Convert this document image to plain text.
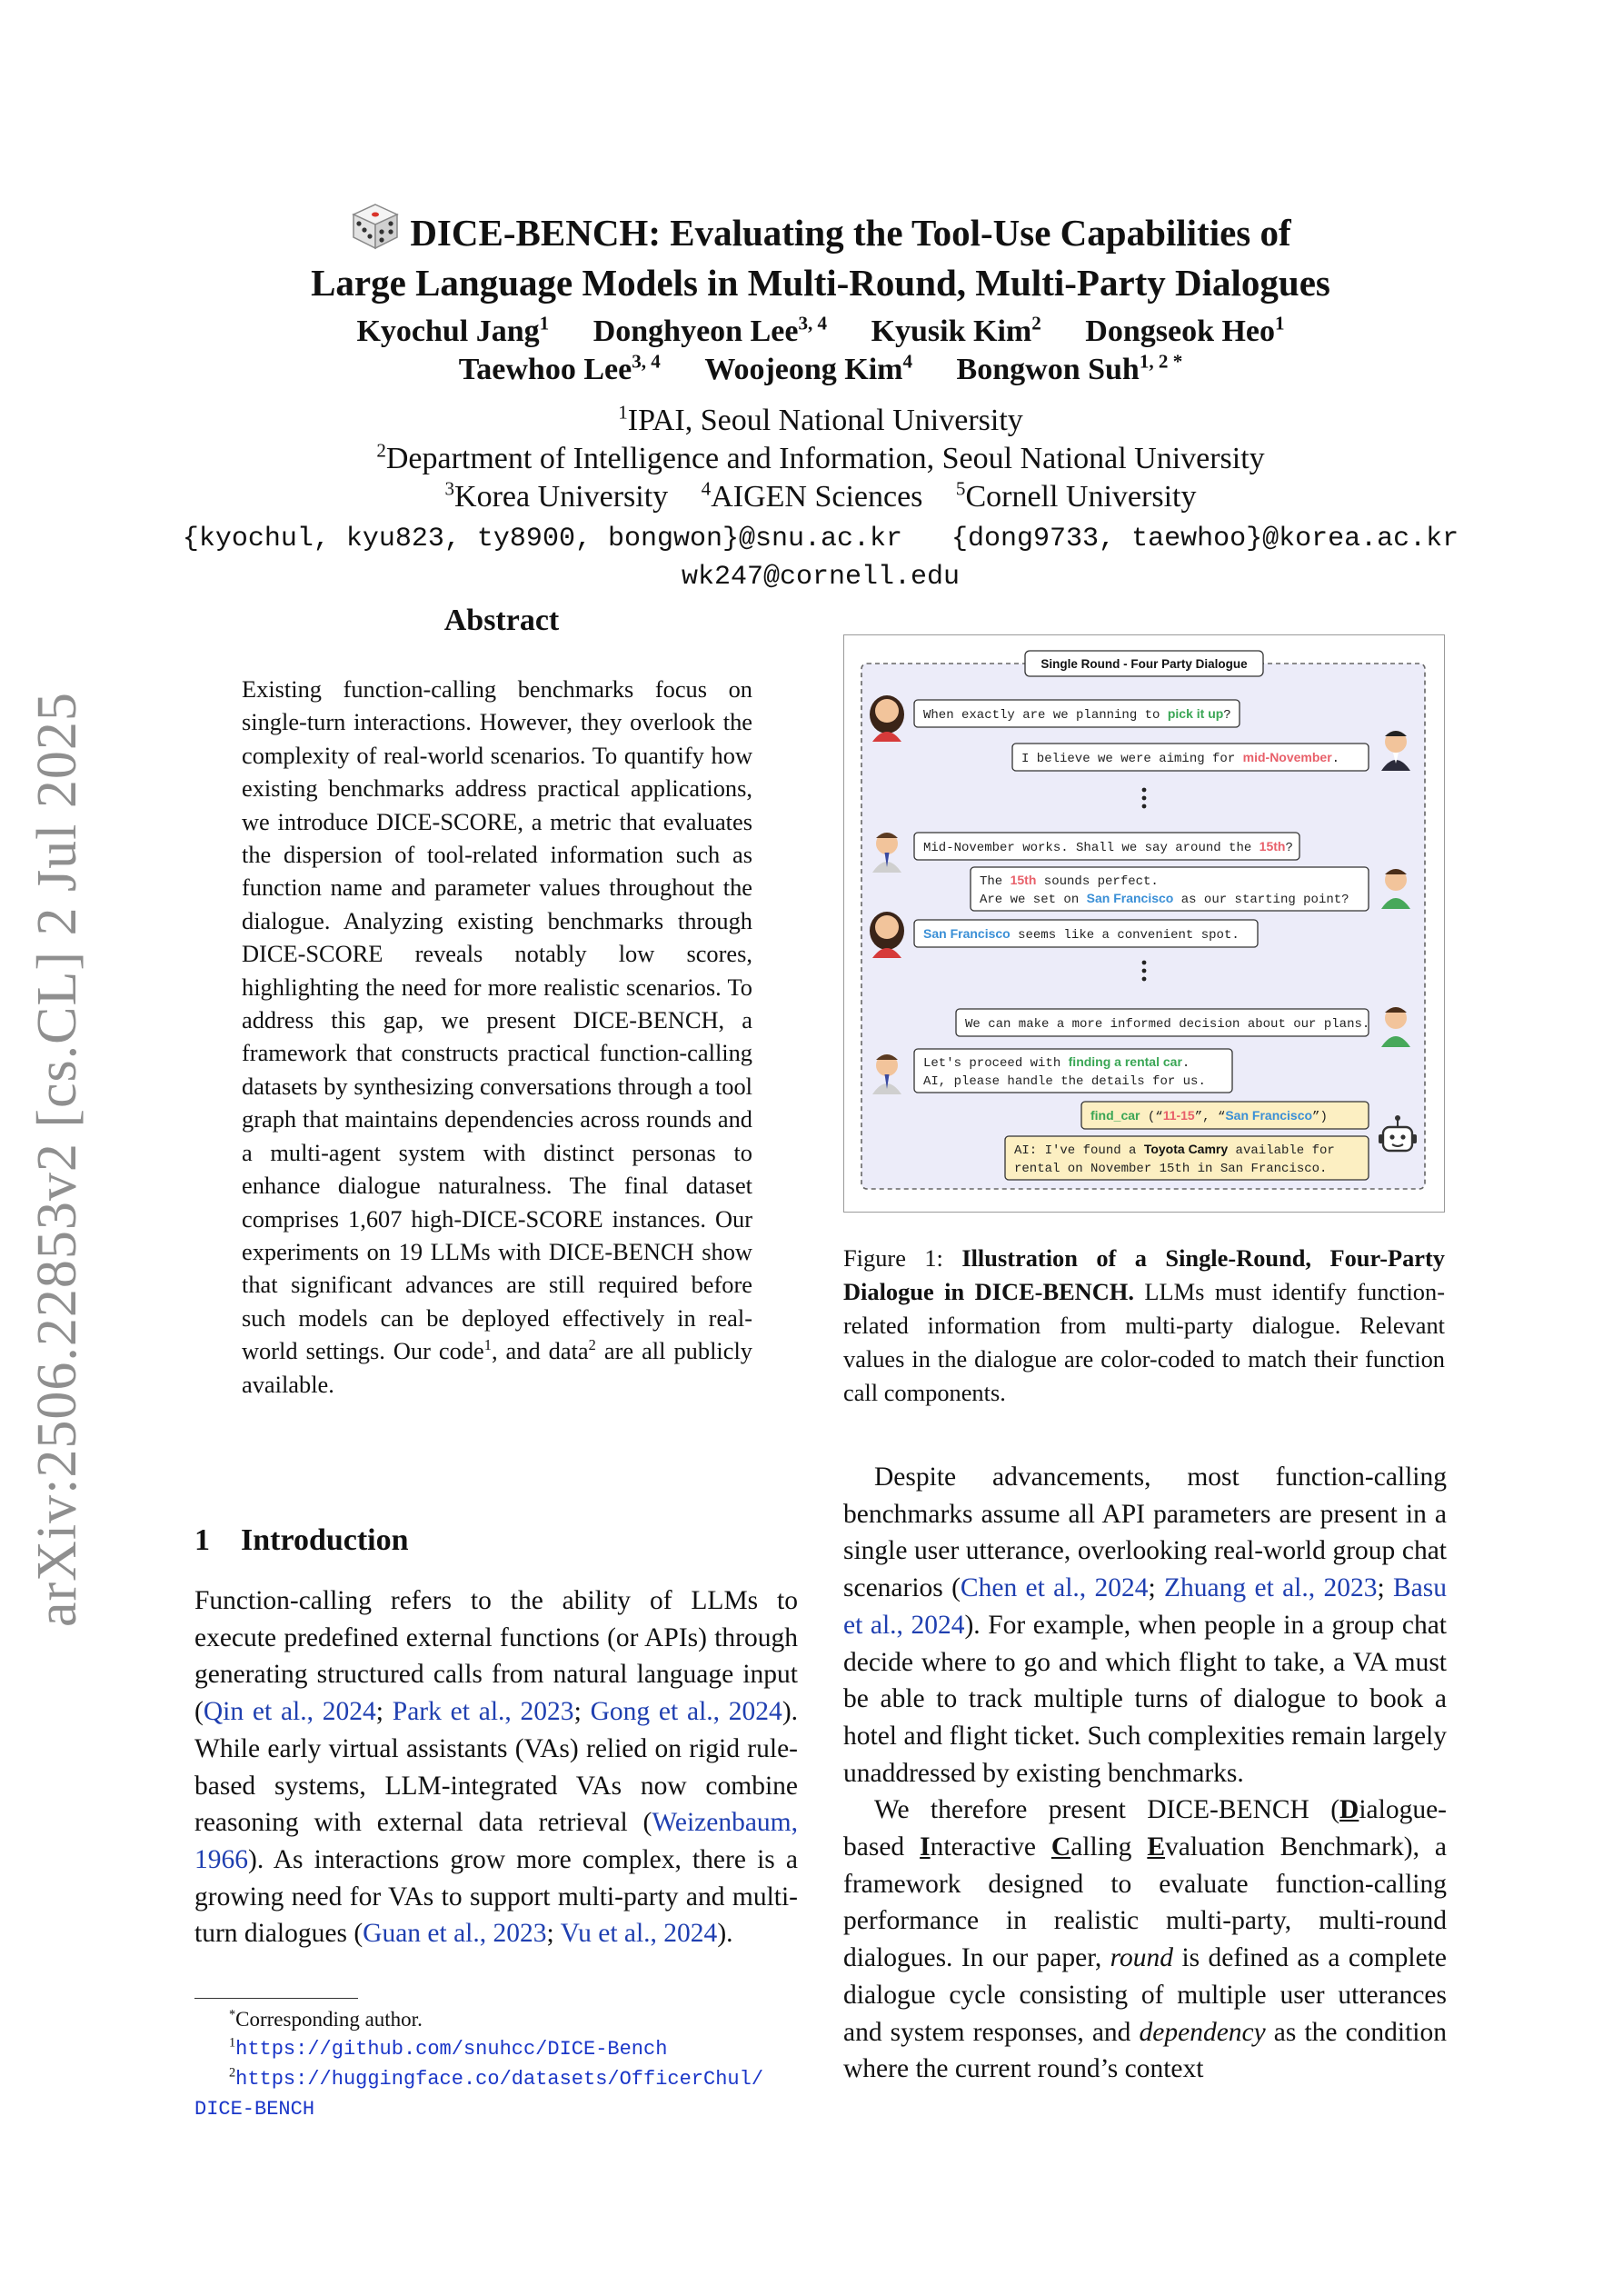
arXiv:2506.22853v2 [cs.CL] 2 Jul 2025
DICE-BENCH: Evaluating the Tool-Use Capabilities of
Large Language Models in Multi-Round, Multi-Party Dialogues
Kyochul Jang$^1$ Donghyeon Lee$^{3, 4}$ Kyusik Kim$^2$ Dongseok Heo$^1$
Taewhoo Lee$^{3, 4}$ Woojeong Kim$^4$ Bongwon Suh$^{1, 2 *}$
$^1$IPAI, Seoul National University
$^2$Department of Intelligence and Information, Seoul National University
$^3$Korea University $^4$AIGEN Sciences $^5$Cornell University
{kyochul, kyu823, ty8900, bongwon}@snu.ac.kr {dong9733, taewhoo}@korea.ac.kr
wk247@cornell.edu
Abstract
Existing function-calling benchmarks focus on single-turn interactions. However, they overlook the complexity of real-world scenarios. To quantify how existing benchmarks address practical applications, we introduce DICE-SCORE, a metric that evaluates the dispersion of tool-related information such as function name and parameter values throughout the dialogue. Analyzing existing benchmarks through DICE-SCORE reveals notably low scores, highlighting the need for more realistic scenarios. To address this gap, we present DICE-BENCH, a framework that constructs practical function-calling datasets by synthesizing conversations through a tool graph that maintains dependencies across rounds and a multi-agent system with distinct personas to enhance dialogue naturalness. The final dataset comprises 1,607 high-DICE-SCORE instances. Our experiments on 19 LLMs with DICE-BENCH show that significant advances are still required before such models can be deployed effectively in real-world settings. Our code$^1$, and data$^2$ are all publicly available.
1 Introduction
Function-calling refers to the ability of LLMs to execute predefined external functions (or APIs) through generating structured calls from natural language input (Qin et al., 2024; Park et al., 2023; Gong et al., 2024). While early virtual assistants (VAs) relied on rigid rule-based systems, LLM-integrated VAs now combine reasoning with external data retrieval (Weizenbaum, 1966). As interactions grow more complex, there is a growing need for VAs to support multi-party and multi-turn dialogues (Guan et al., 2023; Vu et al., 2024).
*Corresponding author.
$^1$https://github.com/snuhcc/DICE-Bench
$^2$https://huggingface.co/datasets/OfficerChul/
DICE-BENCH
Single Round - Four Party Dialogue
When exactly are we planning to pick it up?
I believe we were aiming for mid-November.
Mid-November works. Shall we say around the 15th?
The 15th sounds perfect.
Are we set on San Francisco as our starting point?
San Francisco seems like a convenient spot.
We can make a more informed decision about our plans.
Let's proceed with finding a rental car.
AI, please handle the details for us.
find_car (“11-15”, “San Francisco”)
AI: I've found a Toyota Camry available for
rental on November 15th in San Francisco.
Figure 1: Illustration of a Single-Round, Four-Party Dialogue in DICE-BENCH. LLMs must identify function-related information from multi-party dialogue. Relevant values in the dialogue are color-coded to match their function call components.
Despite advancements, most function-calling benchmarks assume all API parameters are present in a single user utterance, overlooking real-world group chat scenarios (Chen et al., 2024; Zhuang et al., 2023; Basu et al., 2024). For example, when people in a group chat decide where to go and which flight to take, a VA must be able to track multiple turns of dialogue to book a hotel and flight ticket. Such complexities remain largely unaddressed by existing benchmarks.
We therefore present DICE-BENCH (Dialogue-based Interactive Calling Evaluation Benchmark), a framework designed to evaluate function-calling performance in realistic multi-party, multi-round dialogues. In our paper, round is defined as a complete dialogue cycle consisting of multiple user utterances and system responses, and dependency as the condition where the current round’s context
